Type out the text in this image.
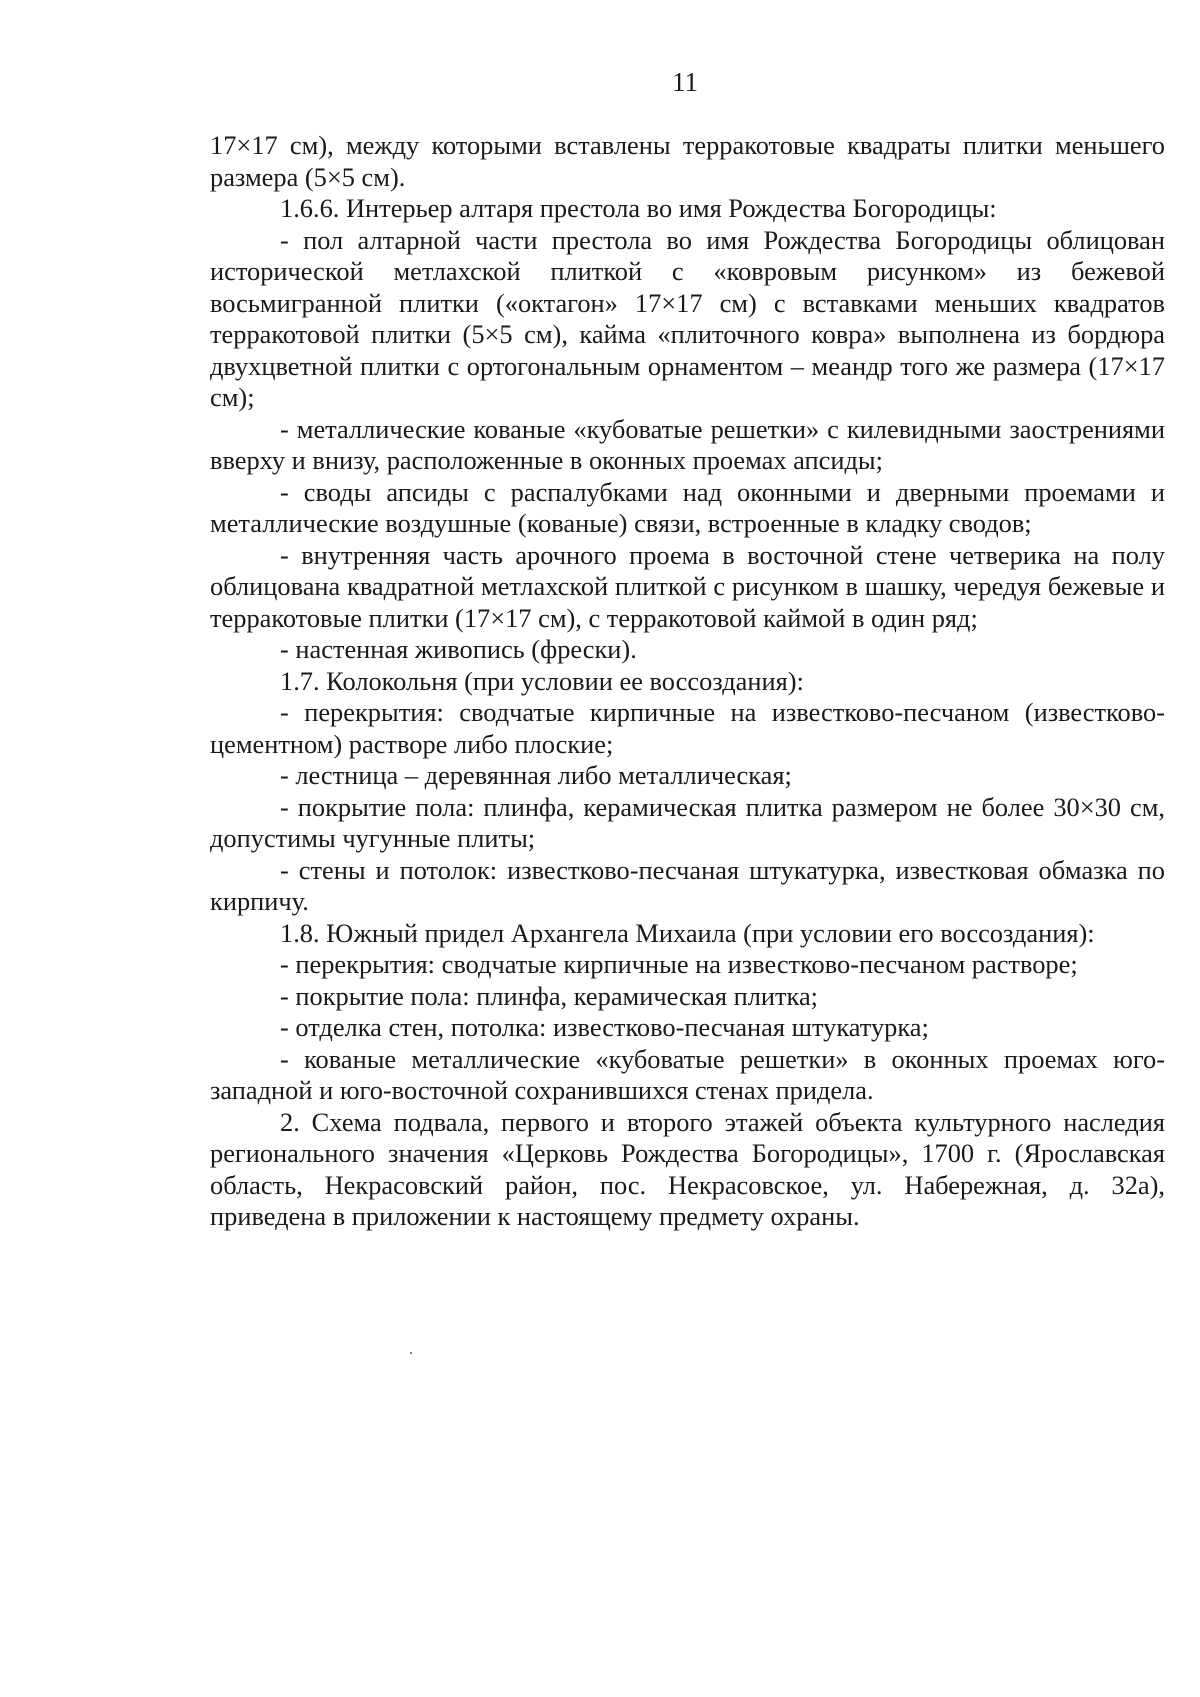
11

17×17 см), между которыми вставлены терракотовые квадраты плитки меньшего размера (5×5 см).

1.6.6. Интерьер алтаря престола во имя Рождества Богородицы:

- пол алтарной части престола во имя Рождества Богородицы облицован исторической метлахской плиткой с «ковровым рисунком» из бежевой восьмигранной плитки («октагон» 17×17 см) с вставками меньших квадратов терракотовой плитки (5×5 см), кайма «плиточного ковра» выполнена из бордюра двухцветной плитки с ортогональным орнаментом – меандр того же размера (17×17 см);

- металлические кованые «кубоватые решетки» с килевидными заострениями вверху и внизу, расположенные в оконных проемах апсиды;

- своды апсиды с распалубками над оконными и дверными проемами и металлические воздушные (кованые) связи, встроенные в кладку сводов;

- внутренняя часть арочного проема в восточной стене четверика на полу облицована квадратной метлахской плиткой с рисунком в шашку, чередуя бежевые и терракотовые плитки (17×17 см), с терракотовой каймой в один ряд;

- настенная живопись (фрески).

1.7. Колокольня (при условии ее воссоздания):

- перекрытия: сводчатые кирпичные на известково-песчаном (известково-цементном) растворе либо плоские;

- лестница – деревянная либо металлическая;

- покрытие пола: плинфа, керамическая плитка размером не более 30×30 см, допустимы чугунные плиты;

- стены и потолок: известково-песчаная штукатурка, известковая обмазка по кирпичу.

1.8. Южный придел Архангела Михаила (при условии его воссоздания):

- перекрытия: сводчатые кирпичные на известково-песчаном растворе;

- покрытие пола: плинфа, керамическая плитка;

- отделка стен, потолка: известково-песчаная штукатурка;

- кованые металлические «кубоватые решетки» в оконных проемах юго-западной и юго-восточной сохранившихся стенах придела.

2. Схема подвала, первого и второго этажей объекта культурного наследия регионального значения «Церковь Рождества Богородицы», 1700 г. (Ярославская область, Некрасовский район, пос. Некрасовское, ул. Набережная, д. 32а), приведена в приложении к настоящему предмету охраны.
